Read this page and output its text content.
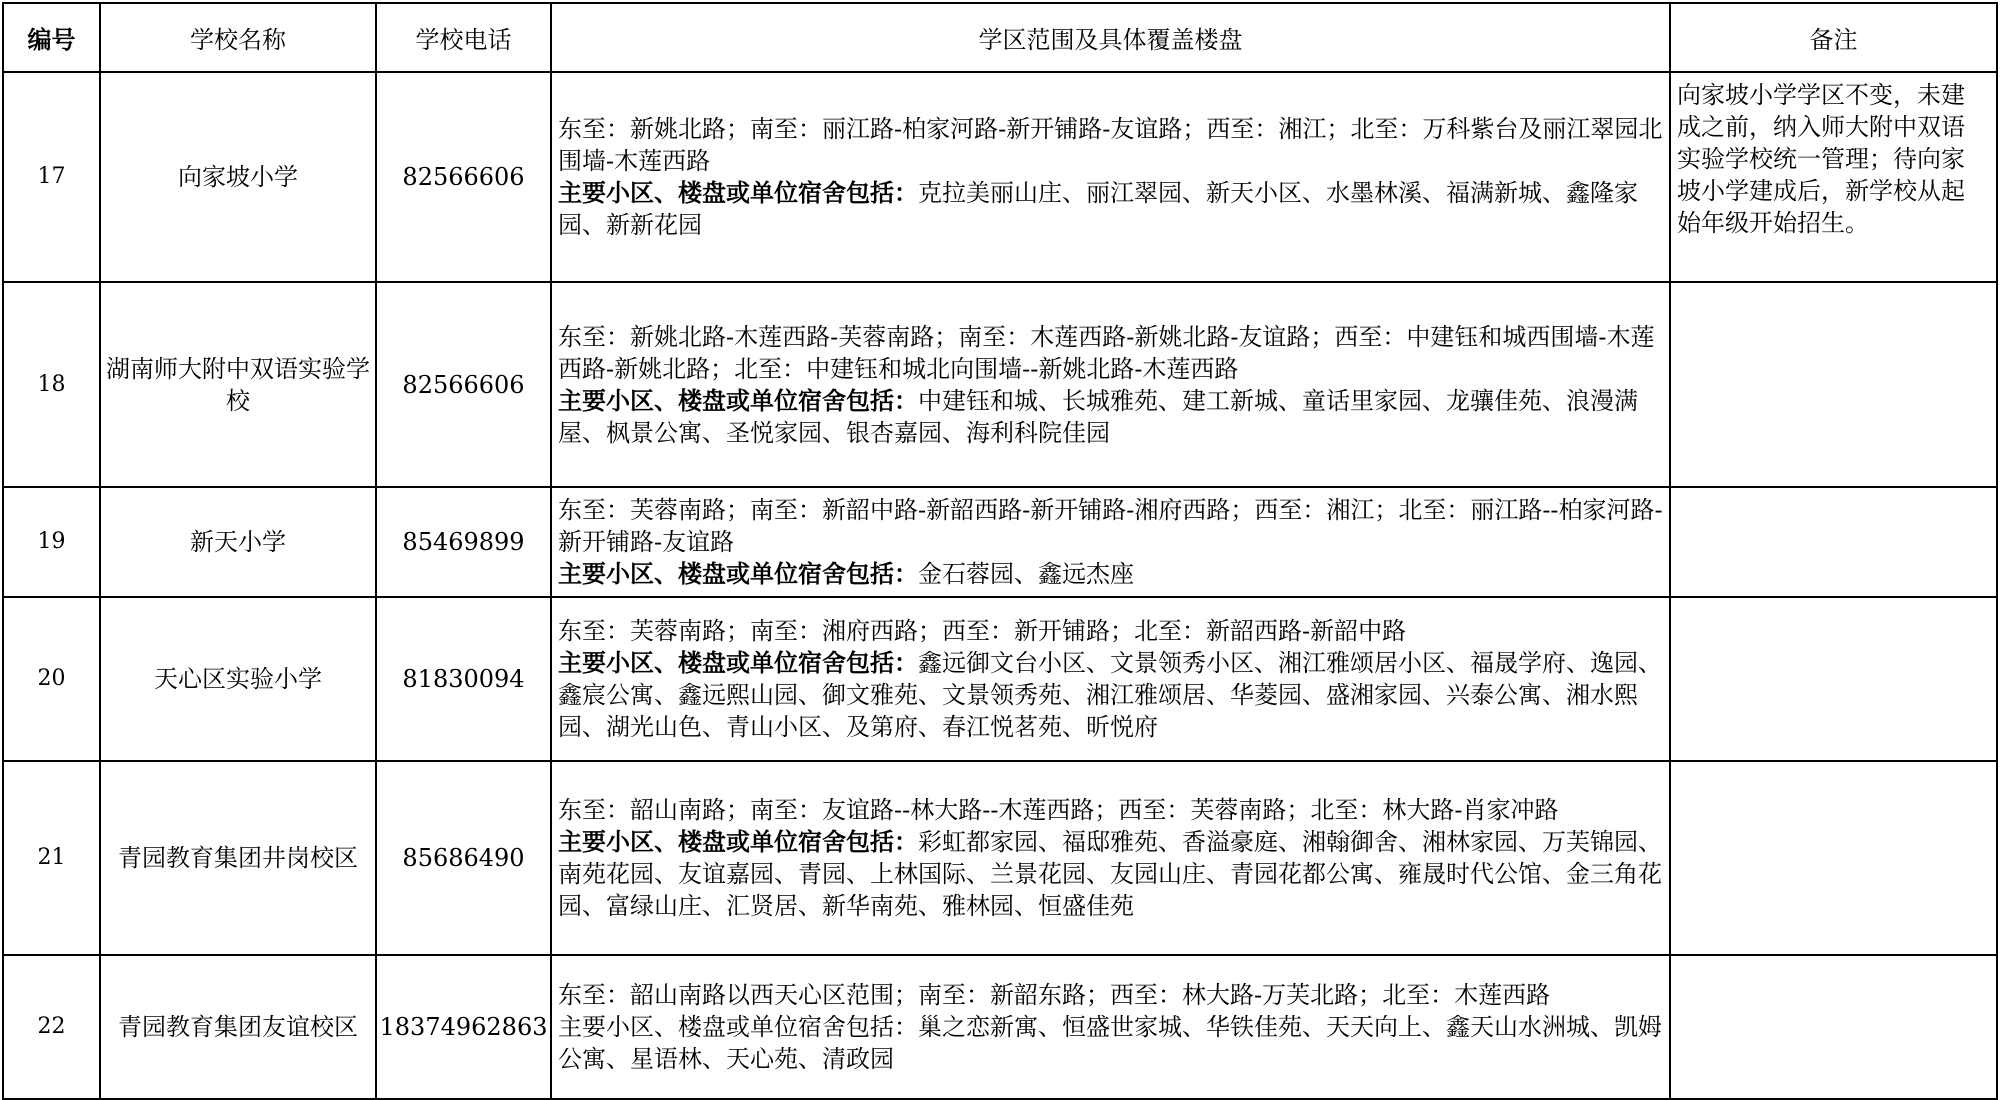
编号	学校名称	学校电话	学区范围及具体覆盖楼盘	备注
17	向家坡小学	82566606	东至：新姚北路；南至：丽江路-柏家河路-新开铺路-友谊路；西至：湘江；北至：万科紫台及丽江翠园北围墙-木莲西路
主要小区、楼盘或单位宿舍包括：克拉美丽山庄、丽江翠园、新天小区、水墨林溪、福满新城、鑫隆家园、新新花园	向家坡小学学区不变，未建成之前，纳入师大附中双语实验学校统一管理；待向家坡小学建成后，新学校从起始年级开始招生。
18	湖南师大附中双语实验学校	82566606	东至：新姚北路-木莲西路-芙蓉南路；南至：木莲西路-新姚北路-友谊路；西至：中建钰和城西围墙-木莲西路-新姚北路；北至：中建钰和城北向围墙--新姚北路-木莲西路
主要小区、楼盘或单位宿舍包括：中建钰和城、长城雅苑、建工新城、童话里家园、龙骧佳苑、浪漫满屋、枫景公寓、圣悦家园、银杏嘉园、海利科院佳园	
19	新天小学	85469899	东至：芙蓉南路；南至：新韶中路-新韶西路-新开铺路-湘府西路；西至：湘江；北至：丽江路--柏家河路-新开铺路-友谊路
主要小区、楼盘或单位宿舍包括：金石蓉园、鑫远杰座	
20	天心区实验小学	81830094	东至：芙蓉南路；南至：湘府西路；西至：新开铺路；北至：新韶西路-新韶中路
主要小区、楼盘或单位宿舍包括：鑫远御文台小区、文景领秀小区、湘江雅颂居小区、福晟学府、逸园、鑫宸公寓、鑫远熙山园、御文雅苑、文景领秀苑、湘江雅颂居、华菱园、盛湘家园、兴泰公寓、湘水熙园、湖光山色、青山小区、及第府、春江悦茗苑、昕悦府	
21	青园教育集团井岗校区	85686490	东至：韶山南路；南至：友谊路--林大路--木莲西路；西至：芙蓉南路；北至：林大路-肖家冲路
主要小区、楼盘或单位宿舍包括：彩虹都家园、福邸雅苑、香溢豪庭、湘翰御舍、湘林家园、万芙锦园、南苑花园、友谊嘉园、青园、上林国际、兰景花园、友园山庄、青园花都公寓、雍晟时代公馆、金三角花园、富绿山庄、汇贤居、新华南苑、雅林园、恒盛佳苑	
22	青园教育集团友谊校区	18374962863	东至：韶山南路以西天心区范围；南至：新韶东路；西至：林大路-万芙北路；北至：木莲西路
主要小区、楼盘或单位宿舍包括：巢之恋新寓、恒盛世家城、华铁佳苑、天天向上、鑫天山水洲城、凯姆公寓、星语林、天心苑、清政园	
